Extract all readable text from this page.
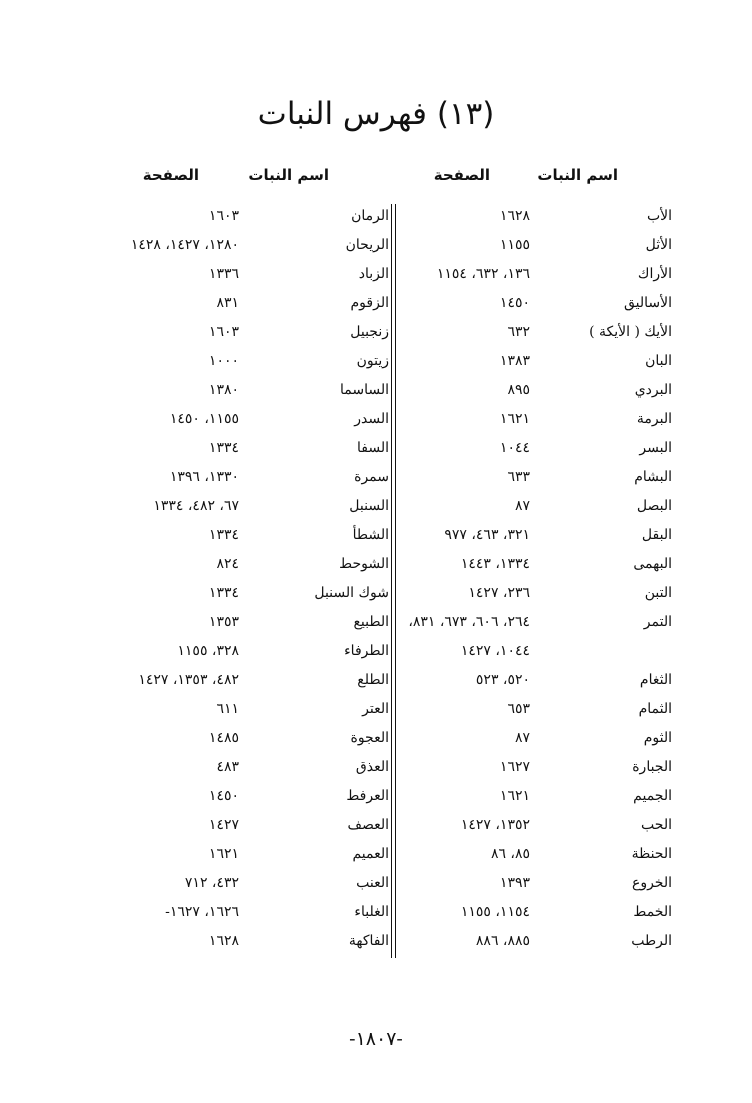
(١٣) فهرس النبات
اسم النبات
الصفحة
اسم النبات
الصفحة
الأب
١٦٢٨
الرمان
١٦٠٣
الأثل
١١٥٥
الريحان
١٢٨٠، ١٤٢٧، ١٤٢٨
الأراك
١٣٦، ٦٣٢، ١١٥٤
الزباد
١٣٣٦
الأساليق
١٤٥٠
الزقوم
٨٣١
الأيك ( الأيكة )
٦٣٢
زنجبيل
١٦٠٣
البان
١٣٨٣
زيتون
١٠٠٠
البردي
٨٩٥
الساسما
١٣٨٠
البرمة
١٦٢١
السدر
١١٥٥، ١٤٥٠
البسر
١٠٤٤
السفا
١٣٣٤
البشام
٦٣٣
سمرة
١٣٣٠، ١٣٩٦
البصل
٨٧
السنبل
٦٧، ٤٨٢، ١٣٣٤
البقل
٣٢١، ٤٦٣، ٩٧٧
الشطأ
١٣٣٤
البهمى
١٣٣٤، ١٤٤٣
الشوحط
٨٢٤
التبن
٢٣٦، ١٤٢٧
شوك السنبل
١٣٣٤
التمر
٢٦٤، ٦٠٦، ٦٧٣، ٨٣١،
الطبيع
١٣٥٣
١٠٤٤، ١٤٢٧
الطرفاء
٣٢٨، ١١٥٥
الثغام
٥٢٠، ٥٢٣
الطلع
٤٨٢، ١٣٥٣، ١٤٢٧
الثمام
٦٥٣
العتر
٦١١
الثوم
٨٧
العجوة
١٤٨٥
الجبارة
١٦٢٧
العذق
٤٨٣
الجميم
١٦٢١
العرفط
١٤٥٠
الحب
١٣٥٢، ١٤٢٧
العصف
١٤٢٧
الحنظة
٨٥، ٨٦
العميم
١٦٢١
الخروع
١٣٩٣
العنب
٤٣٢، ٧١٢
الخمط
١١٥٤، ١١٥٥
الغلباء
١٦٢٦، ١٦٢٧-
الرطب
٨٨٥، ٨٨٦
الفاكهة
١٦٢٨
-١٨٠٧-
